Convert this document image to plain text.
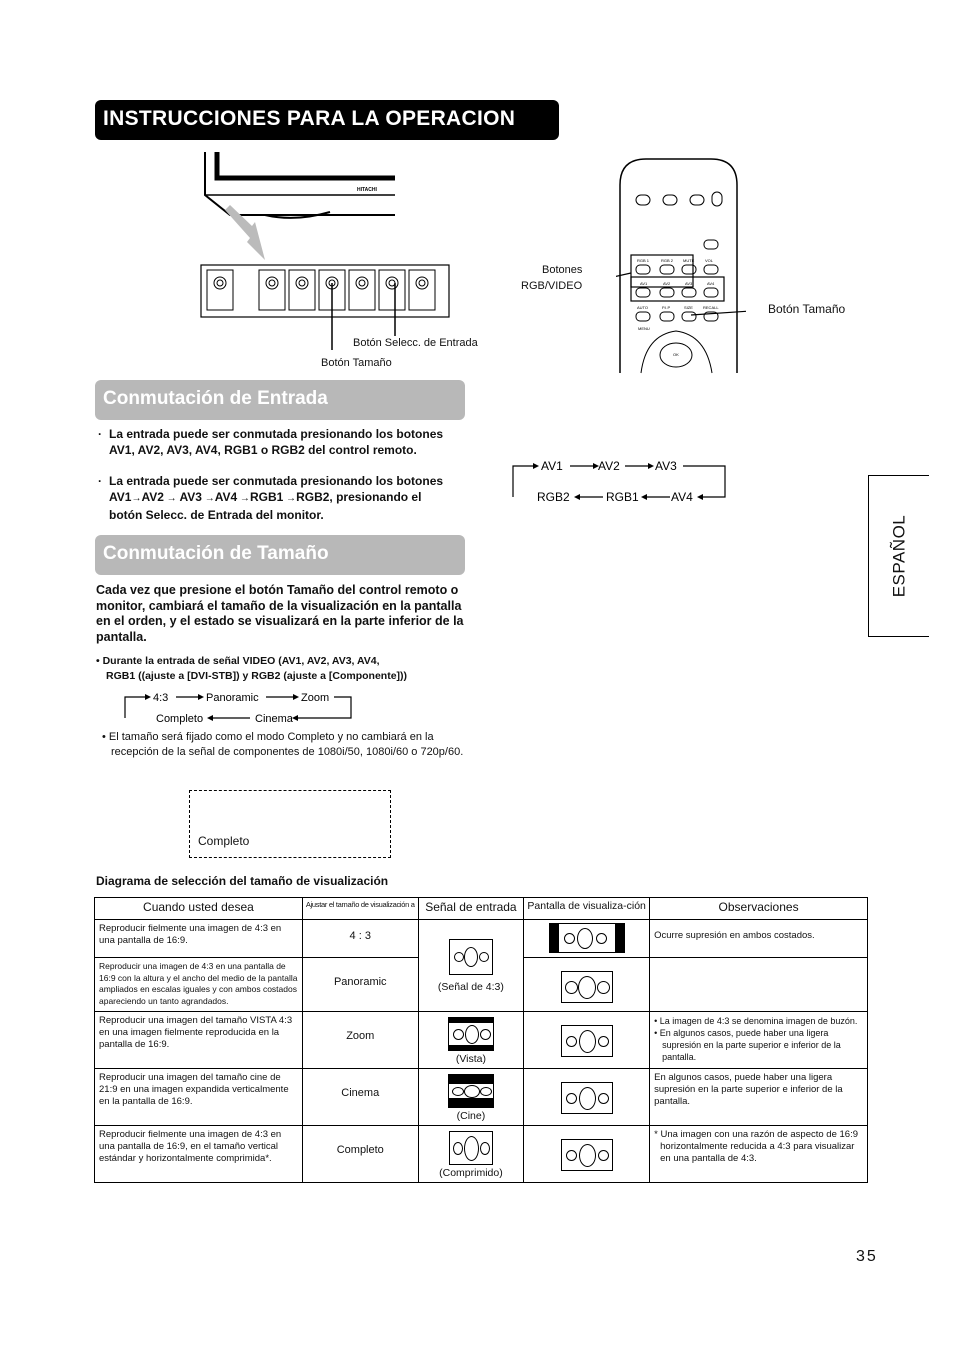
INSTRUCCIONES PARA LA OPERACION
HITACHI
Botón Selecc. de Entrada
Botón Tamaño
RGB 1	RGB 2 MUTE	VOL
AV1	AV2	AV3	AV4
AUTO	P.I.P	SIZE	RECALL
MENU
OK
Botones
RGB/VIDEO
Botón Tamaño
Conmutación de Entrada
· La entrada puede ser conmutada presionando los botones AV1, AV2, AV3, AV4, RGB1 o RGB2 del control remoto.
· La entrada puede ser conmutada presionando los botones AV1→AV2 → AV3 →AV4 →RGB1 →RGB2, presionando el botón Selecc. de Entrada del monitor.
AV1	AV2	AV3
AV4
RGB1
RGB2
Conmutación de Tamaño
Cada vez que presione el botón Tamaño del control remoto o monitor, cambiará el tamaño de la visualización en la pantalla en el orden, y el estado se visualizará en la parte inferior de la pantalla.
• Durante la entrada de señal VIDEO (AV1, AV2, AV3, AV4,
RGB1 ((ajuste a [DVI-STB]) y RGB2 (ajuste a [Componente]))
4:3	Panoramic	Zoom
Cinema
Completo
• El tamaño será fijado como el modo Completo y no cambiará en la recepción de la señal de componentes de 1080i/50, 1080i/60 o 720p/60.
Completo
ESPAÑOL
Diagrama de selección del tamaño de visualización
Cuando usted desea	Ajustar el tamaño de visualización a	Señal de entrada	Pantalla de visualiza-ción	Observaciones
Reproducir fielmente una imagen de 4:3 en una pantalla de 16:9.	4 : 3	(Señal de 4:3)		Ocurre supresión en ambos costados.
Reproducir una imagen de 4:3 en una pantalla de 16:9 con la altura y el ancho del medio de la pantalla ampliados en escalas iguales y con ambos costados apareciendo un tanto agrandados.	Panoramic		

Reproducir una imagen del tamaño VISTA 4:3 en una imagen fielmente reproducida en la pantalla de 16:9.	Zoom	(Vista)		• La imagen de 4:3 se denomina imagen de buzón.
• En algunos casos, puede haber una ligera supresión en la parte superior e inferior de la pantalla.

Reproducir una imagen del tamaño cine de 21:9 en una imagen expandida verticalmente en la pantalla de 16:9.	Cinema	(Cine)		En algunos casos, puede haber una ligera supresión en la parte superior e inferior de la pantalla.
Reproducir fielmente una imagen de 4:3 en una pantalla de 16:9, en el tamaño vertical estándar y horizontalmente comprimida*.	Completo	(Comprimido)		* Una imagen con una razón de aspecto de 16:9 horizontalmente reducida a 4:3 para visualizar en una pantalla de 4:3.
35
